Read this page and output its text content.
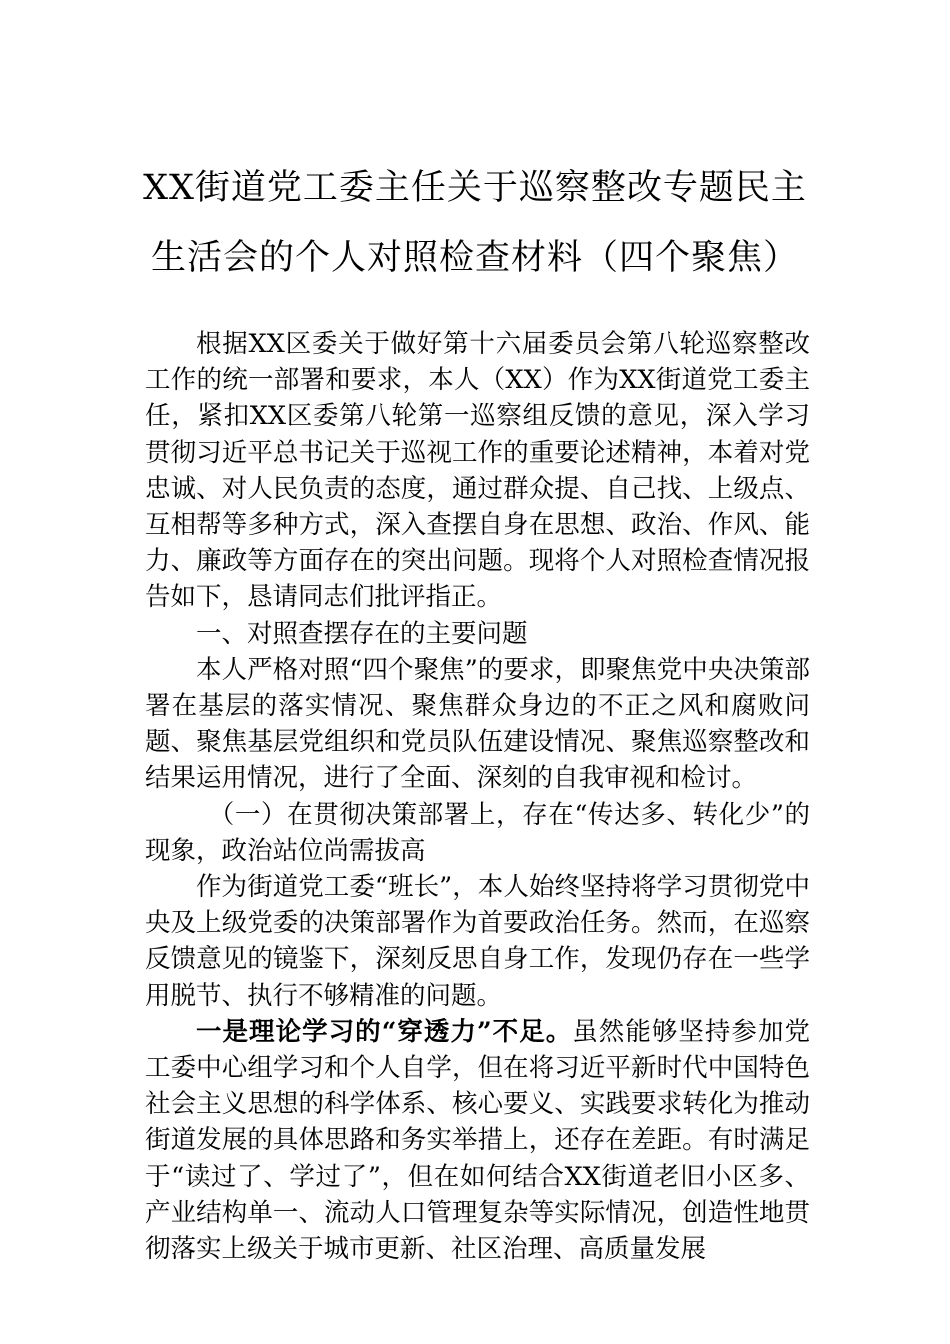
XX街道党工委主任关于巡察整改专题民主
生活会的个人对照检查材料（四个聚焦）

根据XX区委关于做好第十六届委员会第八轮巡察整改工作的统一部署和要求，本人（XX）作为XX街道党工委主任，紧扣XX区委第八轮第一巡察组反馈的意见，深入学习贯彻习近平总书记关于巡视工作的重要论述精神，本着对党忠诚、对人民负责的态度，通过群众提、自己找、上级点、互相帮等多种方式，深入查摆自身在思想、政治、作风、能力、廉政等方面存在的突出问题。现将个人对照检查情况报告如下，恳请同志们批评指正。

一、对照查摆存在的主要问题

本人严格对照“四个聚焦”的要求，即聚焦党中央决策部署在基层的落实情况、聚焦群众身边的不正之风和腐败问题、聚焦基层党组织和党员队伍建设情况、聚焦巡察整改和结果运用情况，进行了全面、深刻的自我审视和检讨。

（一）在贯彻决策部署上，存在“传达多、转化少”的现象，政治站位尚需拔高

作为街道党工委“班长”，本人始终坚持将学习贯彻党中央及上级党委的决策部署作为首要政治任务。然而，在巡察反馈意见的镜鉴下，深刻反思自身工作，发现仍存在一些学用脱节、执行不够精准的问题。

一是理论学习的“穿透力”不足。虽然能够坚持参加党工委中心组学习和个人自学，但在将习近平新时代中国特色社会主义思想的科学体系、核心要义、实践要求转化为推动街道发展的具体思路和务实举措上，还存在差距。有时满足于“读过了、学过了”，但在如何结合XX街道老旧小区多、产业结构单一、流动人口管理复杂等实际情况，创造性地贯彻落实上级关于城市更新、社区治理、高质量发展
